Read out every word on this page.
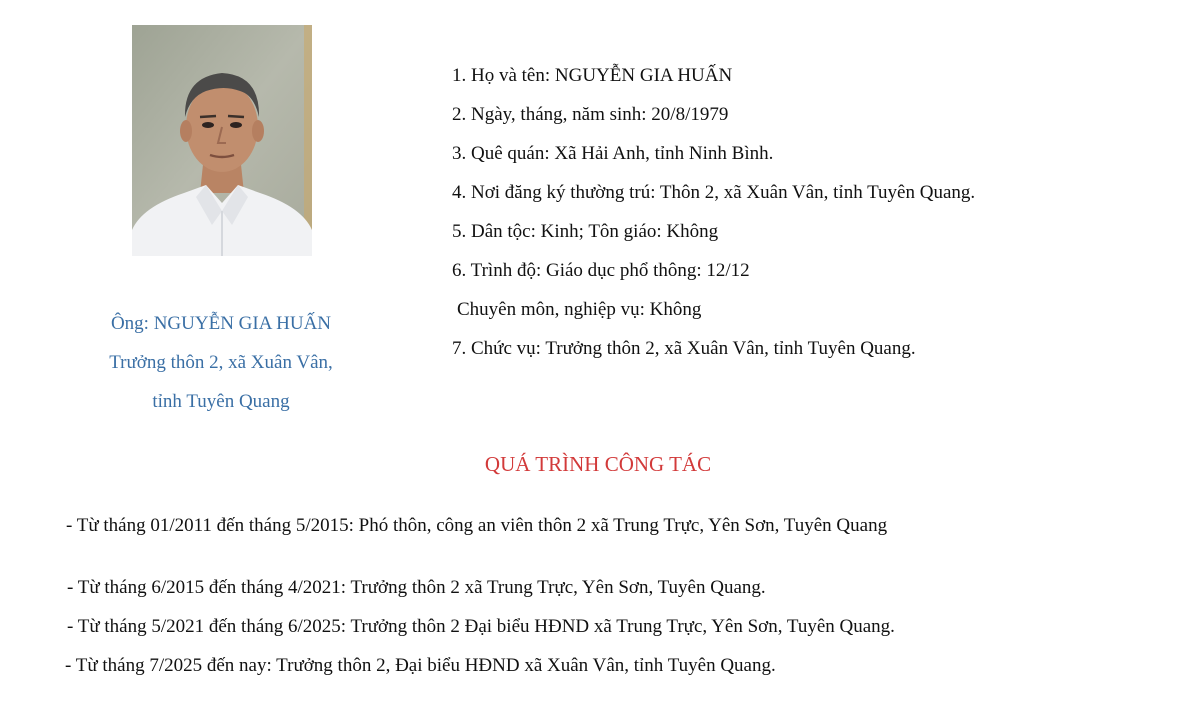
Ông: NGUYỄN GIA HUẤN
Trưởng thôn 2, xã Xuân Vân,
tỉnh Tuyên Quang
1. Họ và tên: NGUYỄN GIA HUẤN
2. Ngày, tháng, năm sinh: 20/8/1979
3. Quê quán: Xã Hải Anh, tỉnh Ninh Bình.
4. Nơi đăng ký thường trú: Thôn 2, xã Xuân Vân, tỉnh Tuyên Quang.
5. Dân tộc: Kinh; Tôn giáo: Không
6. Trình độ: Giáo dục phổ thông: 12/12
Chuyên môn, nghiệp vụ: Không
7. Chức vụ: Trưởng thôn 2, xã Xuân Vân, tỉnh Tuyên Quang.
QUÁ TRÌNH CÔNG TÁC
- Từ tháng 01/2011 đến tháng 5/2015: Phó thôn, công an viên thôn 2 xã Trung Trực, Yên Sơn, Tuyên Quang
- Từ tháng 6/2015 đến tháng 4/2021: Trưởng thôn 2 xã Trung Trực, Yên Sơn, Tuyên Quang.
- Từ tháng 5/2021 đến tháng 6/2025: Trưởng thôn 2 Đại biểu HĐND xã Trung Trực, Yên Sơn, Tuyên Quang.
- Từ tháng 7/2025 đến nay: Trưởng thôn 2, Đại biểu HĐND xã Xuân Vân, tỉnh Tuyên Quang.
